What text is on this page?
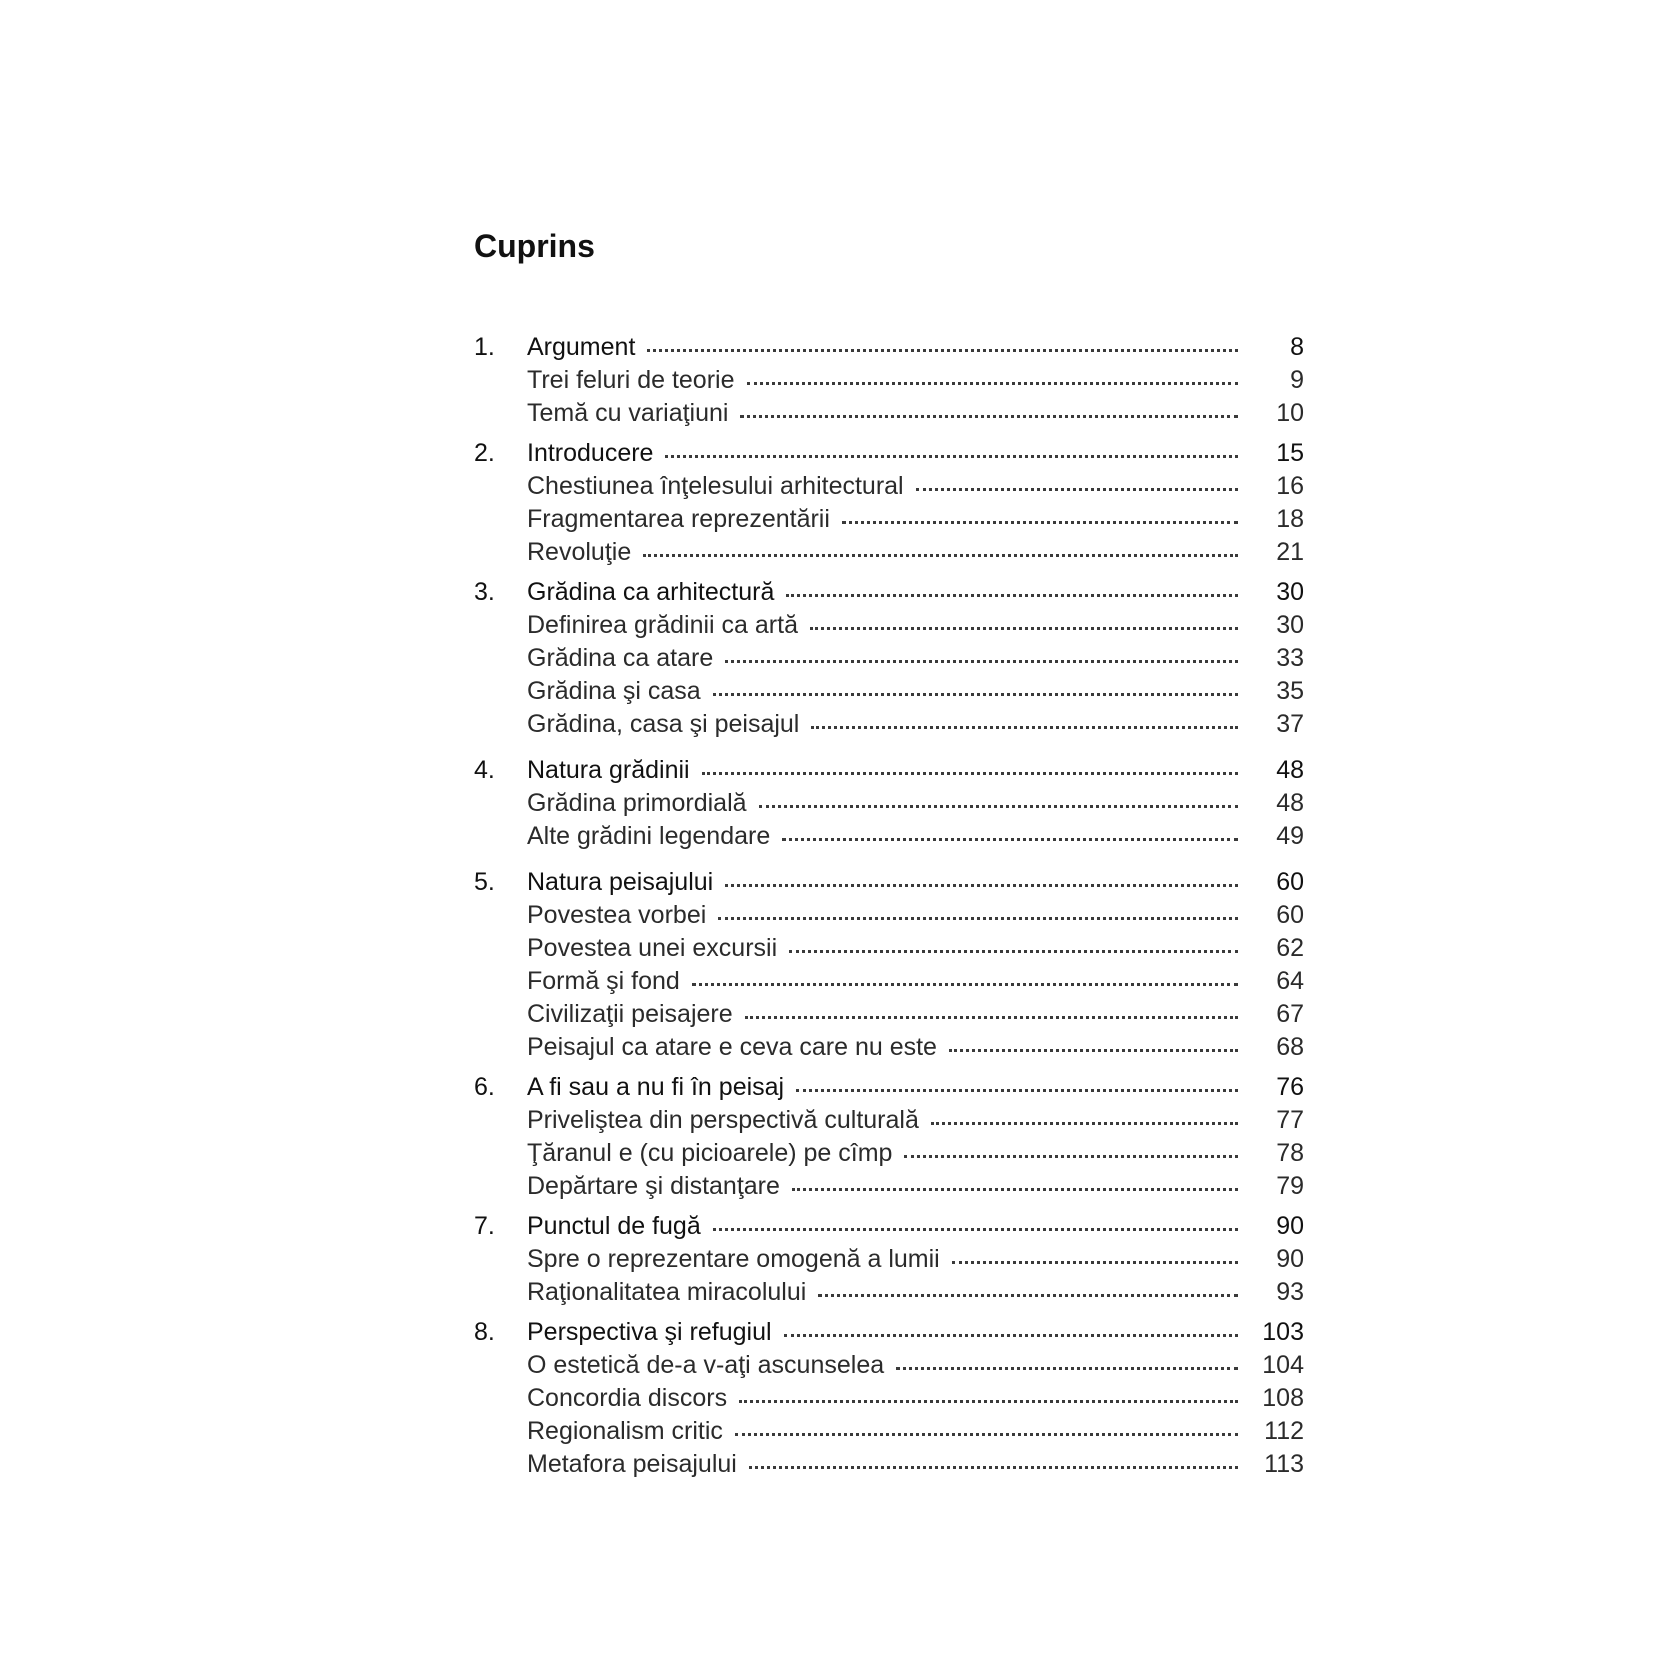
Cuprins
1.	Argument	8
Trei feluri de teorie	9
Temă cu variaţiuni	10
2.	Introducere	15
Chestiunea înţelesului arhitectural	16
Fragmentarea reprezentării	18
Revoluţie	21
3.	Grădina ca arhitectură	30
Definirea grădinii ca artă	30
Grădina ca atare	33
Grădina şi casa	35
Grădina, casa şi peisajul	37
4.	Natura grădinii	48
Grădina primordială	48
Alte grădini legendare	49
5.	Natura peisajului	60
Povestea vorbei	60
Povestea unei excursii	62
Formă şi fond	64
Civilizaţii peisajere	67
Peisajul ca atare e ceva care nu este	68
6.	A fi sau a nu fi în peisaj	76
Priveliştea din perspectivă culturală	77
Ţăranul e (cu picioarele) pe cîmp	78
Depărtare şi distanţare	79
7.	Punctul de fugă	90
Spre o reprezentare omogenă a lumii	90
Raţionalitatea miracolului	93
8.	Perspectiva şi refugiul	103
O estetică de-a v-aţi ascunselea	104
Concordia discors	108
Regionalism critic	112
Metafora peisajului	113
